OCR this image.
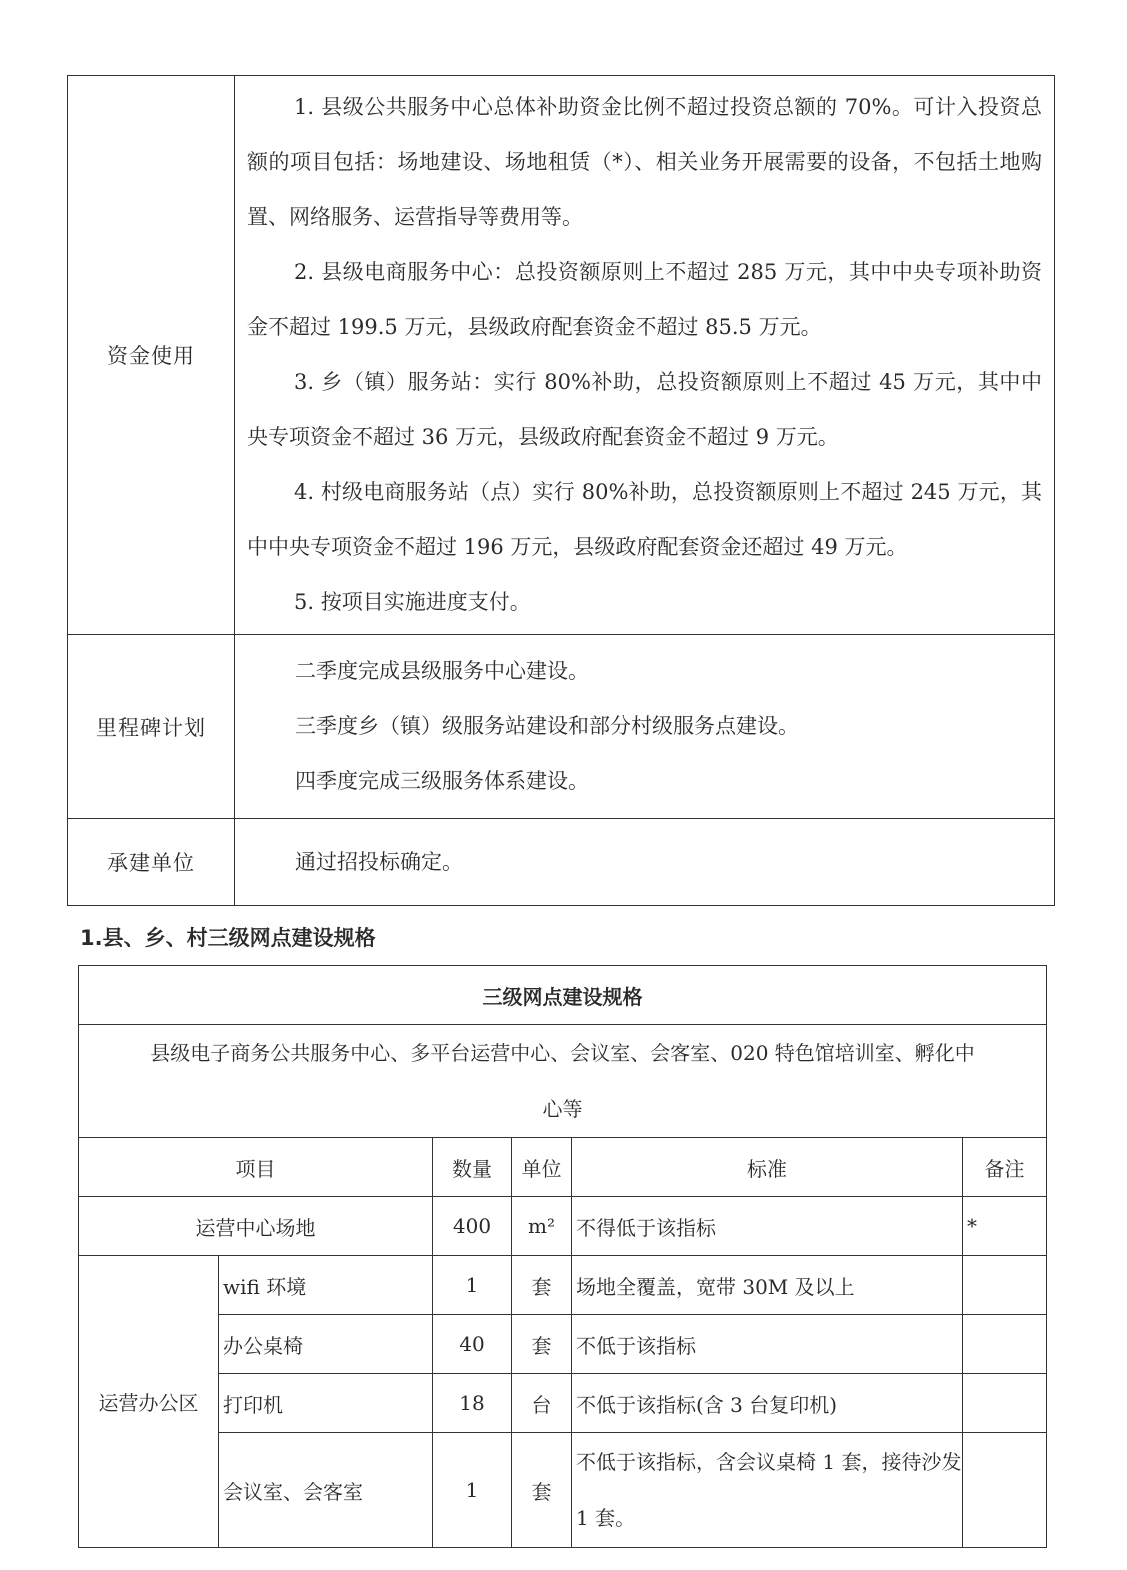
资金使用	1. 县级公共服务中心总体补助资金比例不超过投资总额的 70%。可计入投资总额的项目包括：场地建设、场地租赁（*）、相关业务开展需要的设备，不包括土地购置、网络服务、运营指导等费用等。
2. 县级电商服务中心：总投资额原则上不超过 285 万元，其中中央专项补助资金不超过 199.5 万元，县级政府配套资金不超过 85.5 万元。
3. 乡（镇）服务站：实行 80%补助，总投资额原则上不超过 45 万元，其中中央专项资金不超过 36 万元，县级政府配套资金不超过 9 万元。
4. 村级电商服务站（点）实行 80%补助，总投资额原则上不超过 245 万元，其中中央专项资金不超过 196 万元，县级政府配套资金还超过 49 万元。
5. 按项目实施进度支付。

里程碑计划	二季度完成县级服务中心建设。
三季度乡（镇）级服务站建设和部分村级服务点建设。
四季度完成三级服务体系建设。

承建单位	通过招投标确定。
1.县、乡、村三级网点建设规格
三级网点建设规格					
县级电子商务公共服务中心、多平台运营中心、会议室、会客室、020 特色馆培训室、孵化中心等					
项目		数量	单位	标准	备注
运营中心场地		400	m²	不得低于该指标	*
运营办公区	wifi 环境	1	套	场地全覆盖，宽带 30M 及以上	
	办公桌椅	40	套	不低于该指标	
	打印机	18	台	不低于该指标(含 3 台复印机)	
	会议室、会客室	1	套	不低于该指标，含会议桌椅 1 套，接待沙发 1 套。	
